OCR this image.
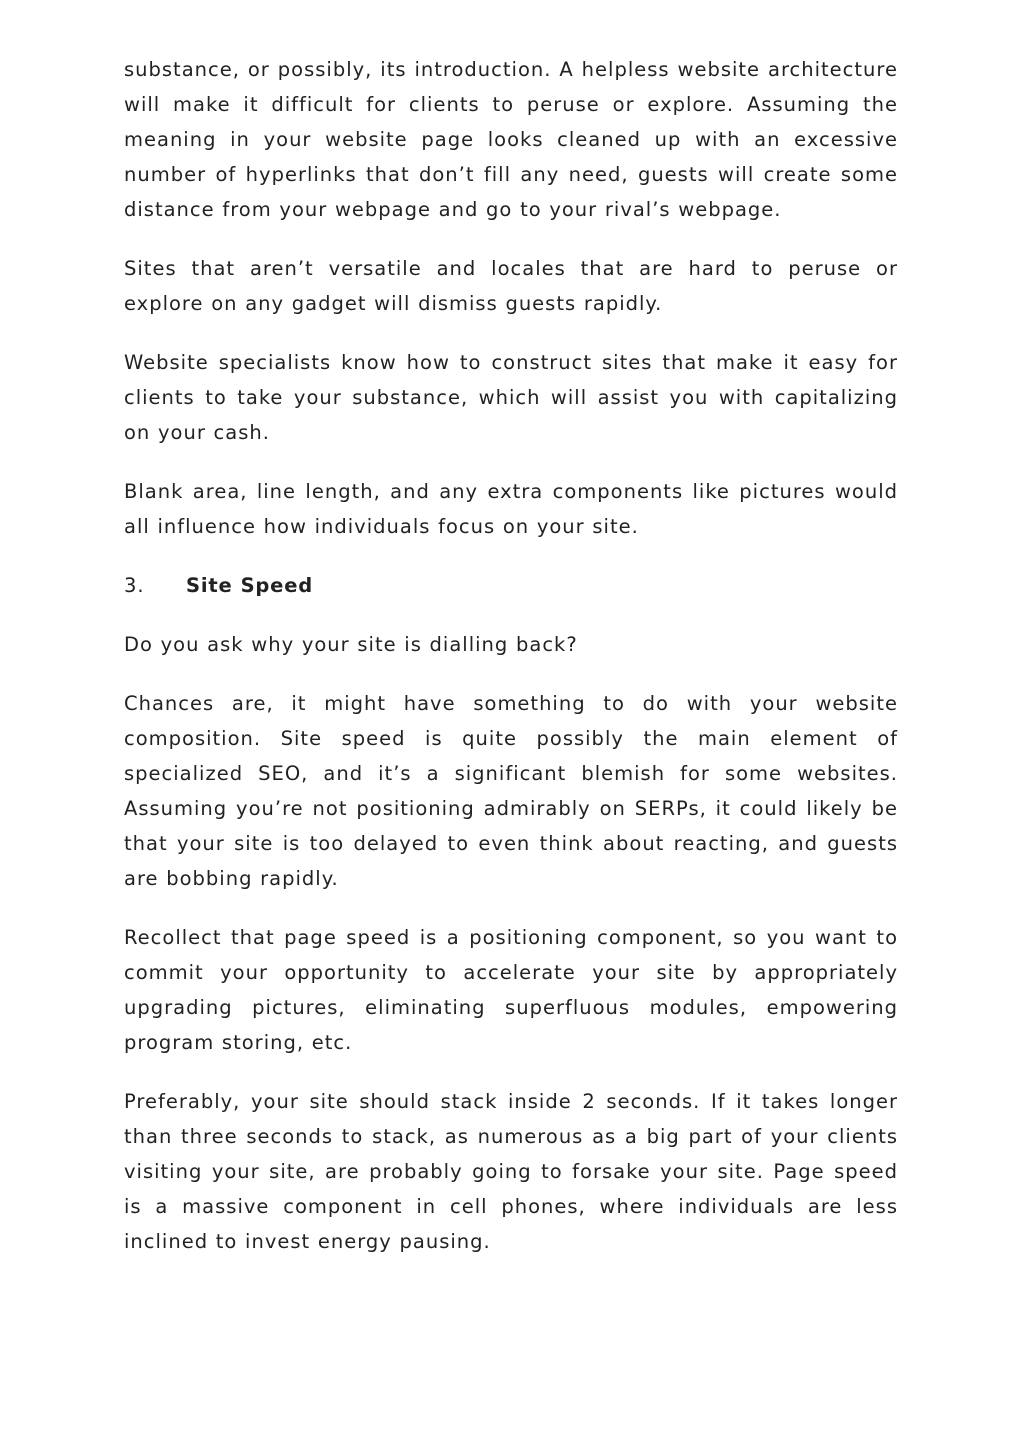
substance, or possibly, its introduction. A helpless website architecture will make it difficult for clients to peruse or explore. Assuming the meaning in your website page looks cleaned up with an excessive number of hyperlinks that don’t fill any need, guests will create some distance from your webpage and go to your rival’s webpage.

Sites that aren’t versatile and locales that are hard to peruse or explore on any gadget will dismiss guests rapidly.

Website specialists know how to construct sites that make it easy for clients to take your substance, which will assist you with capitalizing on your cash.

Blank area, line length, and any extra components like pictures would all influence how individuals focus on your site.

3.	Site Speed

Do you ask why your site is dialling back?

Chances are, it might have something to do with your website composition. Site speed is quite possibly the main element of specialized SEO, and it’s a significant blemish for some websites. Assuming you’re not positioning admirably on SERPs, it could likely be that your site is too delayed to even think about reacting, and guests are bobbing rapidly.

Recollect that page speed is a positioning component, so you want to commit your opportunity to accelerate your site by appropriately upgrading pictures, eliminating superfluous modules, empowering program storing, etc.

Preferably, your site should stack inside 2 seconds. If it takes longer than three seconds to stack, as numerous as a big part of your clients visiting your site, are probably going to forsake your site. Page speed is a massive component in cell phones, where individuals are less inclined to invest energy pausing.
